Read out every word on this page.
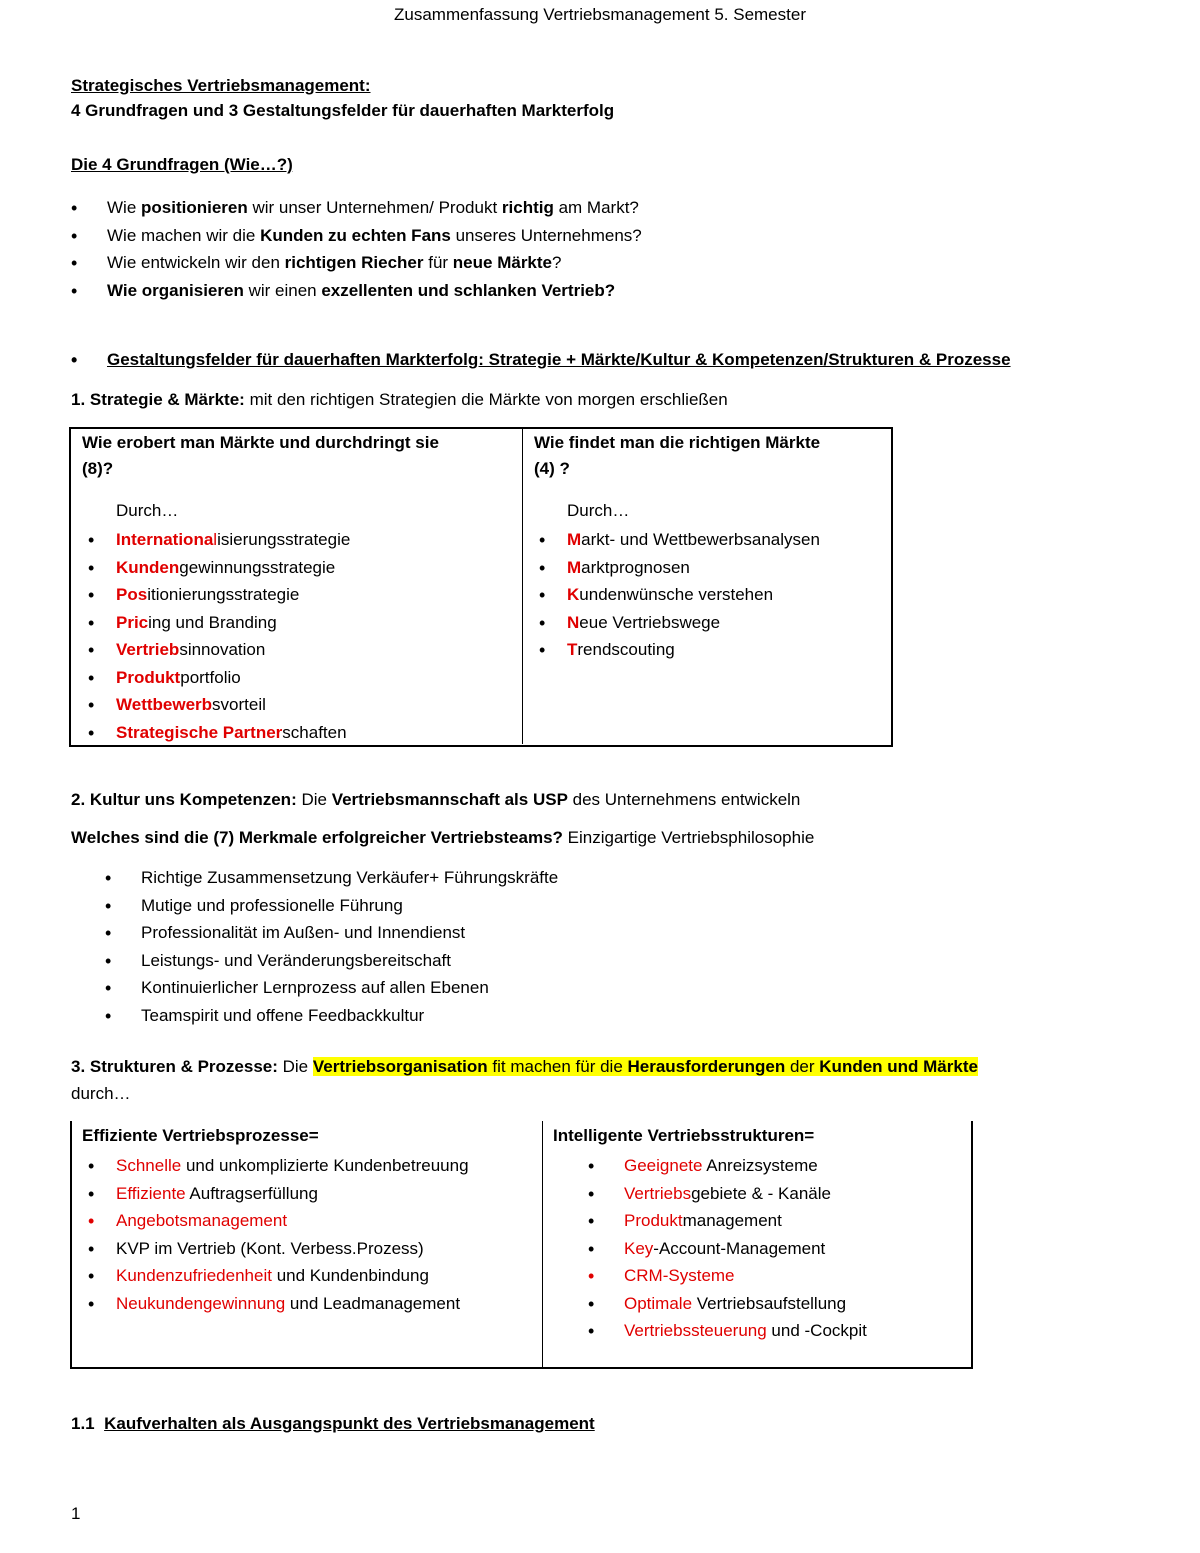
Zusammenfassung Vertriebsmanagement 5. Semester
Strategisches Vertriebsmanagement:
4 Grundfragen und 3 Gestaltungsfelder für dauerhaften Markterfolg
Die 4 Grundfragen (Wie…?)
• Wie positionieren wir unser Unternehmen/ Produkt richtig am Markt?
• Wie machen wir die Kunden zu echten Fans unseres Unternehmens?
• Wie entwickeln wir den richtigen Riecher für neue Märkte?
• Wie organisieren wir einen exzellenten und schlanken Vertrieb?
• Gestaltungsfelder für dauerhaften Markterfolg: Strategie + Märkte/Kultur & Kompetenzen/Strukturen & Prozesse
1. Strategie & Märkte: mit den richtigen Strategien die Märkte von morgen erschließen
Wie erobert man Märkte und durchdringt sie
(8)?
Durch…
• Internationalisierungsstrategie
• Kundengewinnungsstrategie
• Positionierungsstrategie
• Pricing und Branding
• Vertriebsinnovation
• Produktportfolio
• Wettbewerbsvorteil
• Strategische Partnerschaften
Wie findet man die richtigen Märkte
(4) ?
Durch…
• Markt- und Wettbewerbsanalysen
• Marktprognosen
• Kundenwünsche verstehen
• Neue Vertriebswege
• Trendscouting
2. Kultur uns Kompetenzen: Die Vertriebsmannschaft als USP des Unternehmens entwickeln
Welches sind die (7) Merkmale erfolgreicher Vertriebsteams? Einzigartige Vertriebsphilosophie
• Richtige Zusammensetzung Verkäufer+ Führungskräfte
• Mutige und professionelle Führung
• Professionalität im Außen- und Innendienst
• Leistungs- und Veränderungsbereitschaft
• Kontinuierlicher Lernprozess auf allen Ebenen
• Teamspirit und offene Feedbackkultur
3. Strukturen & Prozesse: Die Vertriebsorganisation fit machen für die Herausforderungen der Kunden und Märkte
durch…
Effiziente Vertriebsprozesse=
• Schnelle und unkomplizierte Kundenbetreuung
• Effiziente Auftragserfüllung
• Angebotsmanagement
• KVP im Vertrieb (Kont. Verbess.Prozess)
• Kundenzufriedenheit und Kundenbindung
• Neukundengewinnung und Leadmanagement
Intelligente Vertriebsstrukturen=
• Geeignete Anreizsysteme
• Vertriebsgebiete & - Kanäle
• Produktmanagement
• Key-Account-Management
• CRM-Systeme
• Optimale Vertriebsaufstellung
• Vertriebssteuerung und -Cockpit
1.1 Kaufverhalten als Ausgangspunkt des Vertriebsmanagement
1
